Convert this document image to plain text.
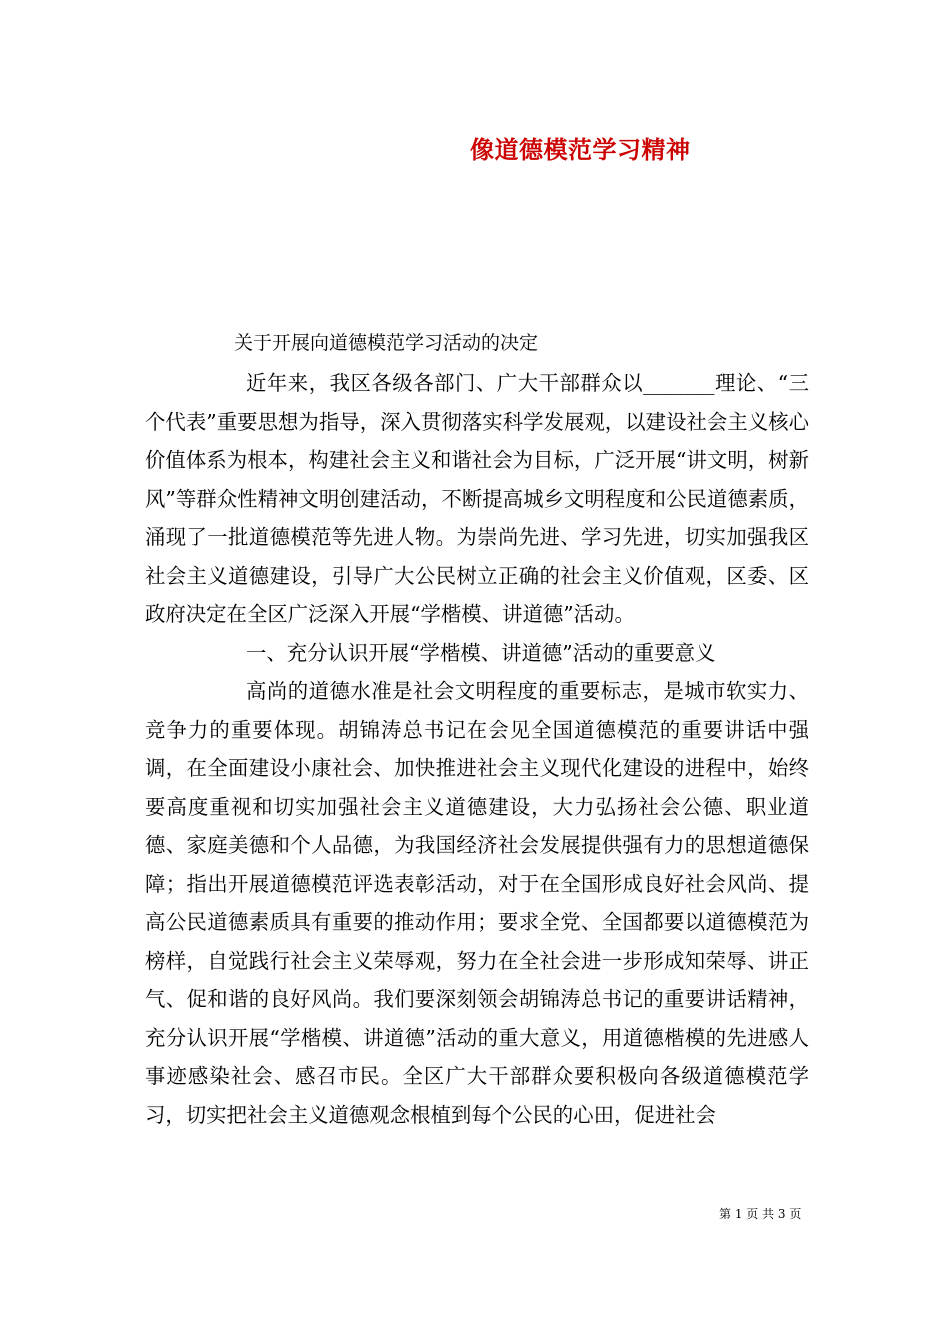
像道德模范学习精神
关于开展向道德模范学习活动的决定

近年来，我区各级各部门、广大干部群众以_______理论、“三个代表”重要思想为指导，深入贯彻落实科学发展观，以建设社会主义核心价值体系为根本，构建社会主义和谐社会为目标，广泛开展“讲文明，树新风”等群众性精神文明创建活动，不断提高城乡文明程度和公民道德素质，涌现了一批道德模范等先进人物。为崇尚先进、学习先进，切实加强我区社会主义道德建设，引导广大公民树立正确的社会主义价值观，区委、区政府决定在全区广泛深入开展“学楷模、讲道德”活动。

一、充分认识开展“学楷模、讲道德”活动的重要意义

高尚的道德水准是社会文明程度的重要标志，是城市软实力、竞争力的重要体现。胡锦涛总书记在会见全国道德模范的重要讲话中强调，在全面建设小康社会、加快推进社会主义现代化建设的进程中，始终要高度重视和切实加强社会主义道德建设，大力弘扬社会公德、职业道德、家庭美德和个人品德，为我国经济社会发展提供强有力的思想道德保障；指出开展道德模范评选表彰活动，对于在全国形成良好社会风尚、提高公民道德素质具有重要的推动作用；要求全党、全国都要以道德模范为榜样，自觉践行社会主义荣辱观，努力在全社会进一步形成知荣辱、讲正气、促和谐的良好风尚。我们要深刻领会胡锦涛总书记的重要讲话精神，充分认识开展“学楷模、讲道德”活动的重大意义，用道德楷模的先进感人事迹感染社会、感召市民。全区广大干部群众要积极向各级道德模范学习，切实把社会主义道德观念根植到每个公民的心田，促进社会

第 1 页 共 3 页
